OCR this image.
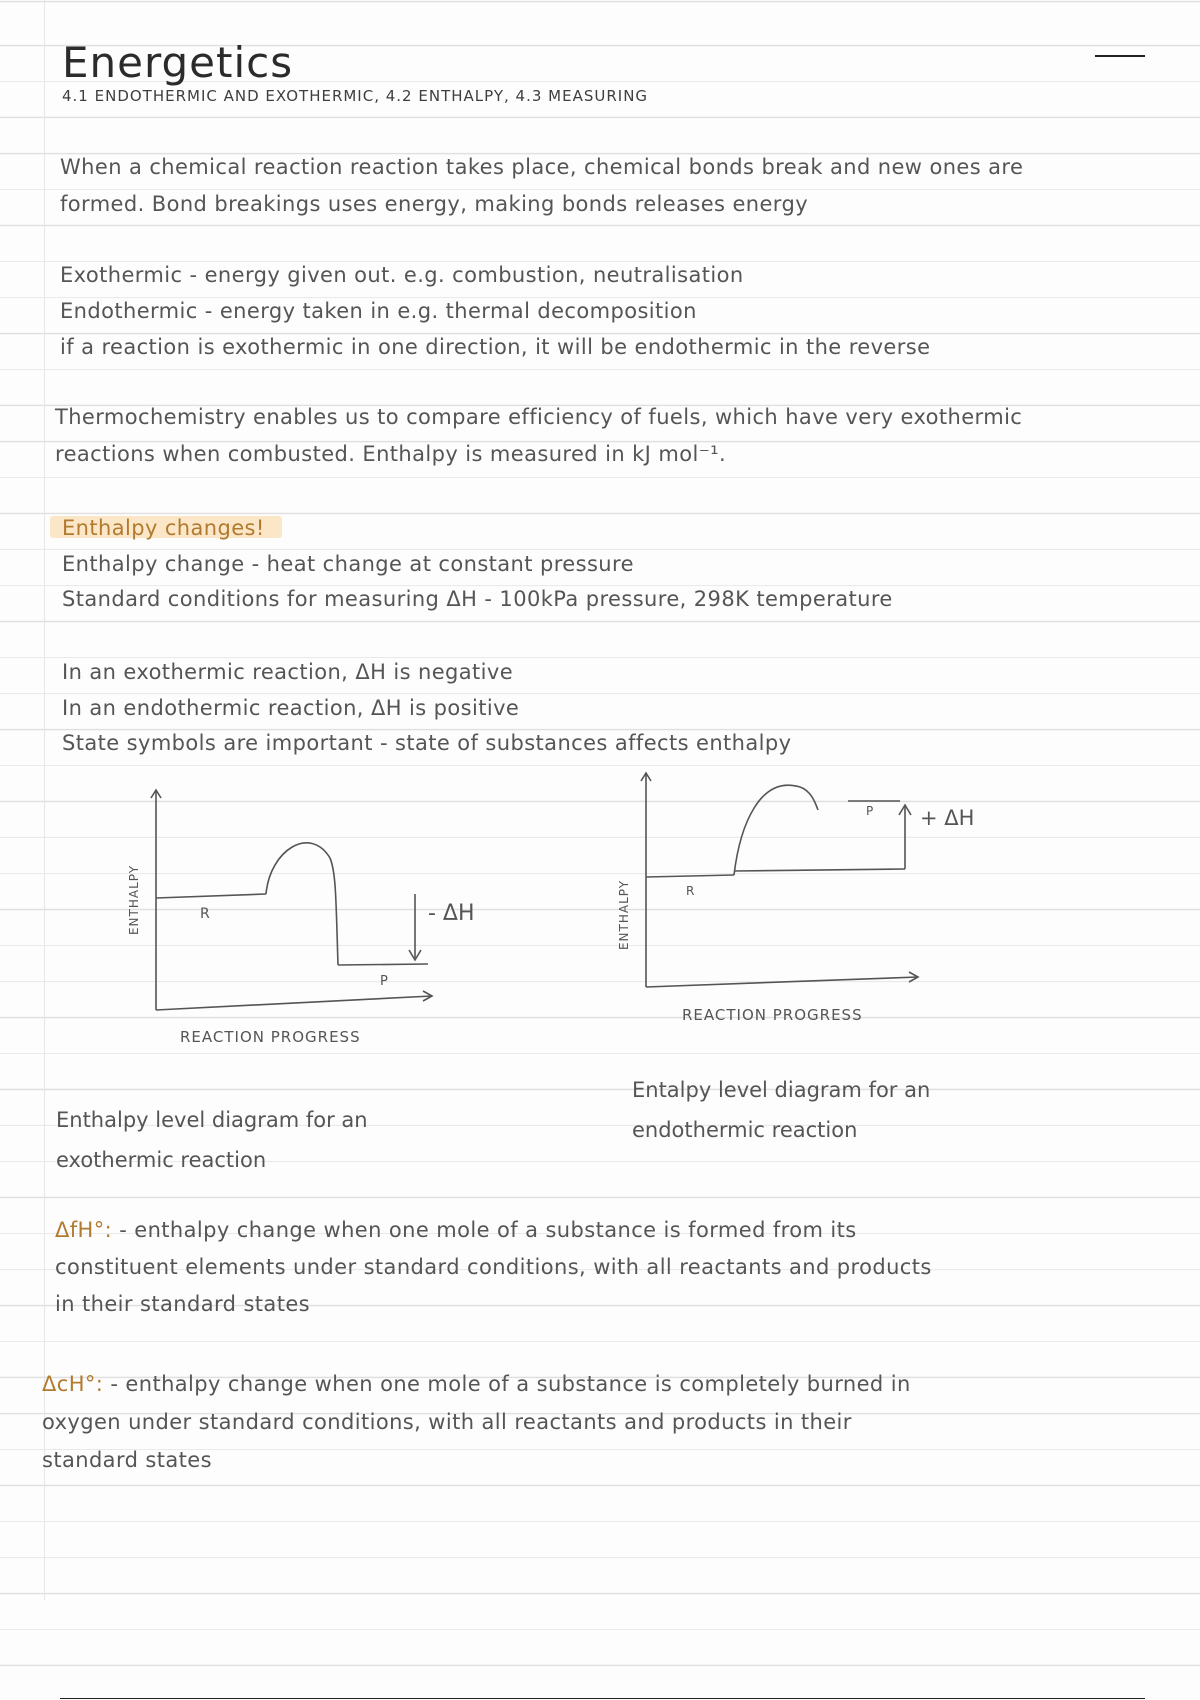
Energetics

4.1 ENDOTHERMIC AND EXOTHERMIC, 4.2 ENTHALPY, 4.3 MEASURING

When a chemical reaction reaction takes place, chemical bonds break and new ones are

formed. Bond breakings uses energy, making bonds releases energy

Exothermic - energy given out. e.g. combustion, neutralisation

Endothermic - energy taken in e.g. thermal decomposition

if a reaction is exothermic in one direction, it will be endothermic in the reverse

Thermochemistry enables us to compare efficiency of fuels, which have very exothermic

reactions when combusted. Enthalpy is measured in kJ mol⁻¹.

Enthalpy changes!

Enthalpy change - heat change at constant pressure

Standard conditions for measuring ΔH - 100kPa pressure, 298K temperature

In an exothermic reaction, ΔH is negative

In an endothermic reaction, ΔH is positive

State symbols are important - state of substances affects enthalpy

ENTHALPY	R
P
- ΔH
REACTION PROGRESS
ENTHALPY	R
P + ΔH
REACTION PROGRESS
Enthalpy level diagram for an
exothermic reaction
Entalpy level diagram for an
endothermic reaction

ΔfH°: - enthalpy change when one mole of a substance is formed from its

constituent elements under standard conditions, with all reactants and products

in their standard states

ΔcH°: - enthalpy change when one mole of a substance is completely burned in

oxygen under standard conditions, with all reactants and products in their

standard states
